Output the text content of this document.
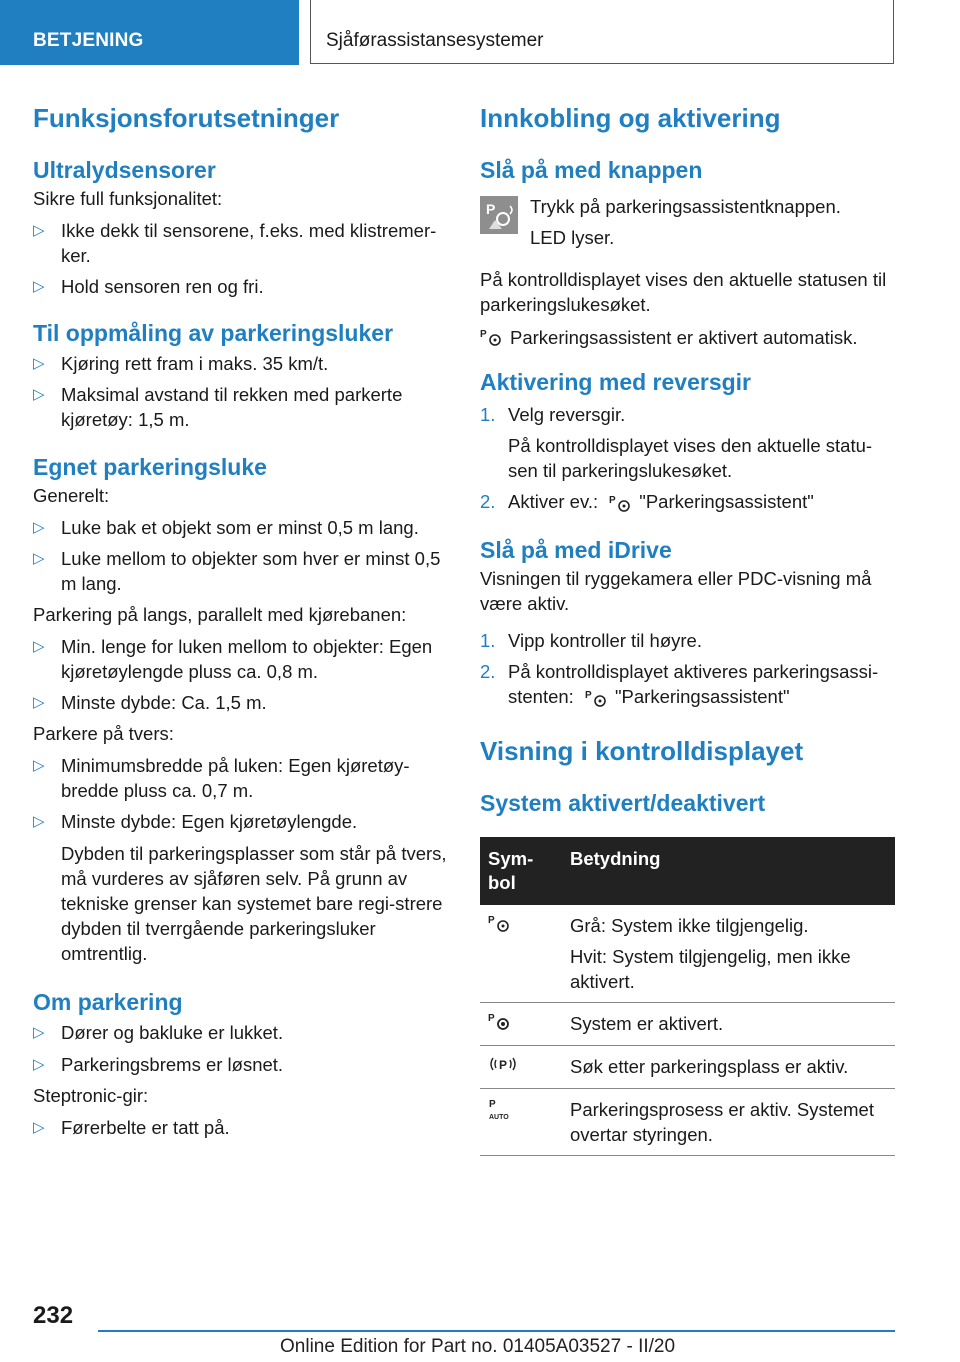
BETJENING	Sjåførassistansesystemer
Funksjonsforutsetninger
Ultralydsensorer

Sikre full funksjonalitet:

▷ Ikke dekk til sensorene, f.eks. med klistremer-ker.
▷ Hold sensoren ren og fri.
Til oppmåling av parkeringsluker
▷ Kjøring rett fram i maks. 35 km/t.
▷ Maksimal avstand til rekken med parkerte kjøretøy: 1,5 m.
Egnet parkeringsluke

Generelt:

▷ Luke bak et objekt som er minst 0,5 m lang.
▷ Luke mellom to objekter som hver er minst 0,5 m lang.

Parkering på langs, parallelt med kjørebanen:

▷ Min. lenge for luken mellom to objekter: Egen kjøretøylengde pluss ca. 0,8 m.
▷ Minste dybde: Ca. 1,5 m.

Parkere på tvers:

▷ Minimumsbredde på luken: Egen kjøretøy-bredde pluss ca. 0,7 m.
▷ Minste dybde: Egen kjøretøylengde.

Dybden til parkeringsplasser som står på tvers, må vurderes av sjåføren selv. På grunn av tekniske grenser kan systemet bare regi-strere dybden til tverrgående parkeringsluker omtrentlig.

Om parkering
▷ Dører og bakluke er lukket.
▷ Parkeringsbrems er løsnet.

Steptronic-gir:

▷ Førerbelte er tatt på.
Innkobling og aktivering
Slå på med knappen
P Trykk på parkeringsassistentknappen.

LED lyser.

På kontrolldisplayet vises den aktuelle statusen til parkeringslukesøket.

P Parkeringsassistent er aktivert automatisk.
Aktivering med reversgir
1. Velg reversgir.
På kontrolldisplayet vises den aktuelle statu-sen til parkeringslukesøket.
2. Aktiver ev.: P "Parkeringsassistent"
Slå på med iDrive

Visningen til ryggekamera eller PDC-visning må være aktiv.

1. Vipp kontroller til høyre.
2. På kontrolldisplayet aktiveres parkeringsassi-stenten: P "Parkeringsassistent"
Visning i kontrolldisplayet
System aktivert/deaktivert
Sym-bol	Betydning

P	Grå: System ikke tilgjengelig.
Hvit: System tilgjengelig, men ikke aktivert.

P	System er aktivert.

P	Søk etter parkeringsplass er aktiv.

P
AUTO	Parkeringsprosess er aktiv. Systemet overtar styringen.
232
Online Edition for Part no. 01405A03527 - II/20
